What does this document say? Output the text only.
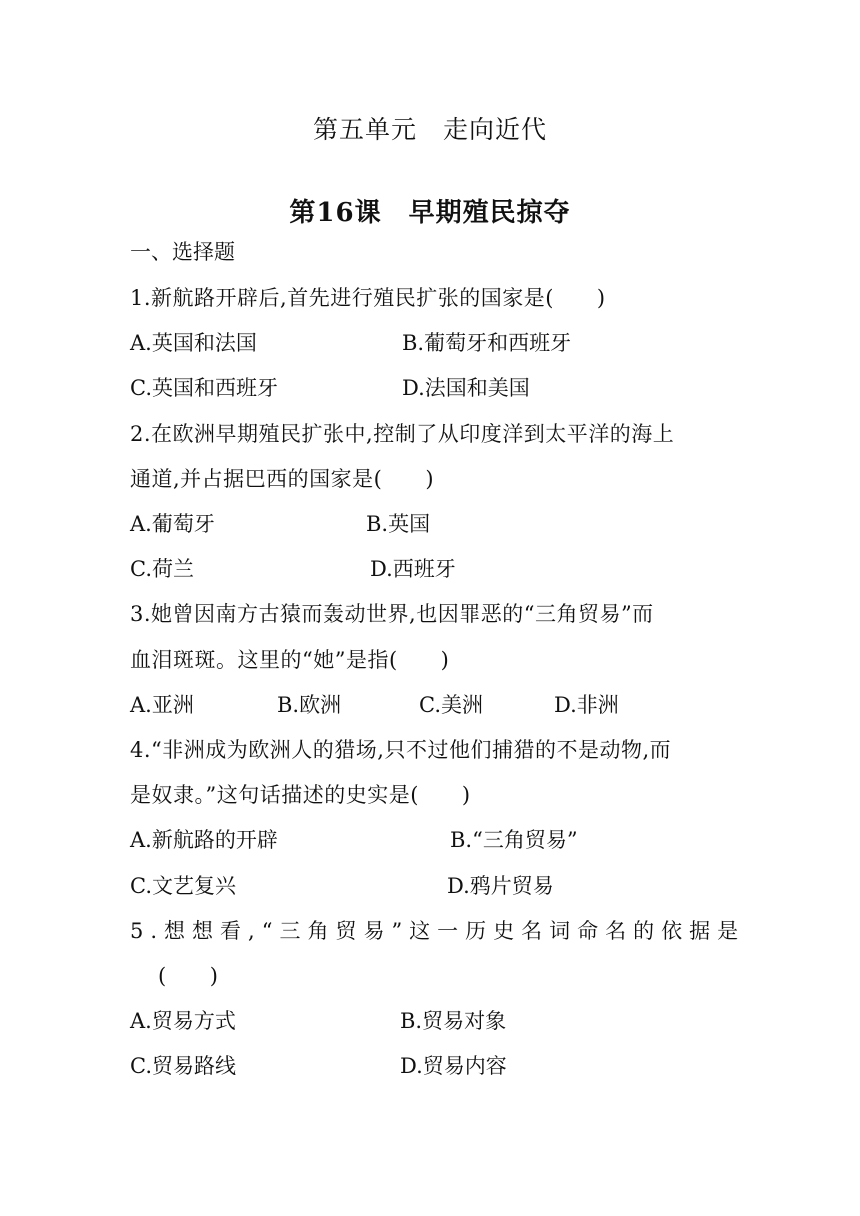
第五单元　走向近代
第16课　早期殖民掠夺
一、选择题
1.新航路开辟后,首先进行殖民扩张的国家是(　　)
A.英国和法国	B.葡萄牙和西班牙
C.英国和西班牙	D.法国和美国
2.在欧洲早期殖民扩张中,控制了从印度洋到太平洋的海上
通道,并占据巴西的国家是(　　)
A.葡萄牙	B.英国
C.荷兰	D.西班牙
3.她曾因南方古猿而轰动世界,也因罪恶的“三角贸易”而
血泪斑斑。这里的“她”是指(　　)
A.亚洲	B.欧洲	C.美洲	D.非洲
4.“非洲成为欧洲人的猎场,只不过他们捕猎的不是动物,而
是奴隶。”这句话描述的史实是(　　)
A.新航路的开辟	B.“三角贸易”
C.文艺复兴	D.鸦片贸易
5.想想看,“三角贸易”这一历史名词命名的依据是
(　　)
A.贸易方式	B.贸易对象
C.贸易路线	D.贸易内容
